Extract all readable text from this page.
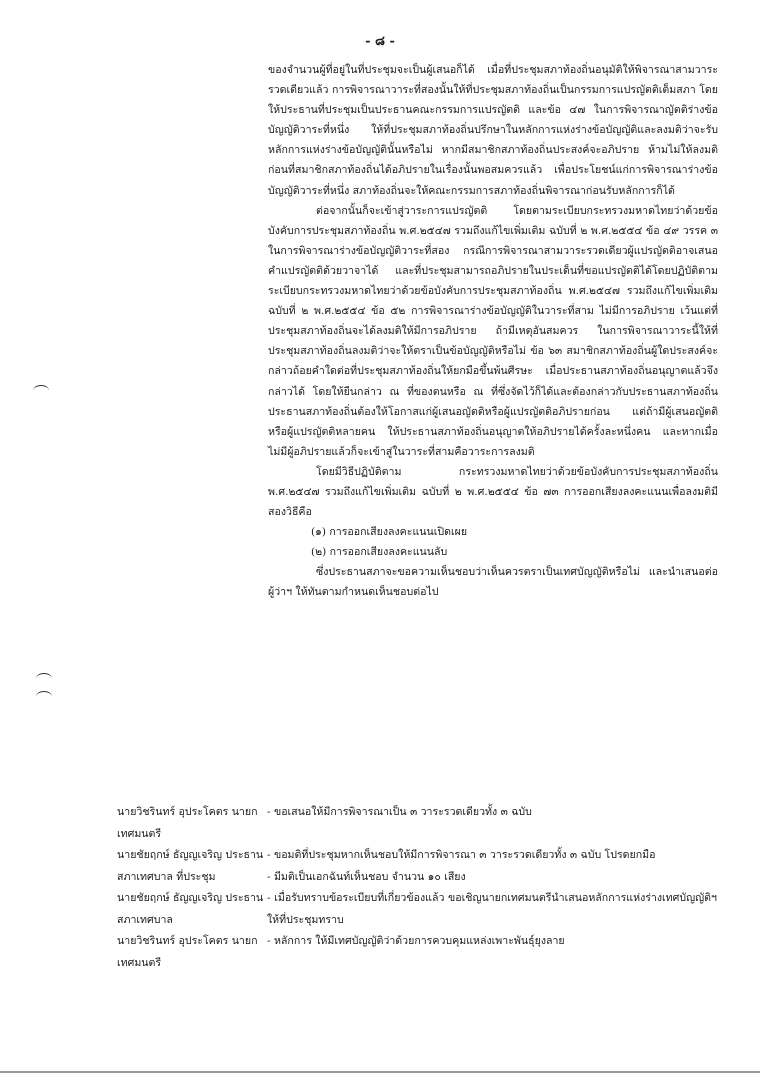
- ๘ -

ของจำนวนผู้ที่อยู่ในที่ประชุมจะเป็นผู้เสนอก็ได้ เมื่อที่ประชุมสภาท้องถิ่นอนุมัติให้พิจารณาสามวาระรวดเดียวแล้ว การพิจารณาวาระที่สองนั้นให้ที่ประชุมสภาท้องถิ่นเป็นกรรมการแปรญัตติเต็มสภา โดยให้ประธานที่ประชุมเป็นประธานคณะกรรมการแปรญัตติ และข้อ ๔๗ ในการพิจารณาญัตติร่างข้อบัญญัติวาระที่หนึ่ง ให้ที่ประชุมสภาท้องถิ่นปรึกษาในหลักการแห่งร่างข้อบัญญัติและลงมติว่าจะรับหลักการแห่งร่างข้อบัญญัตินั้นหรือไม่ หากมีสมาชิกสภาท้องถิ่นประสงค์จะอภิปราย ห้ามไม่ให้ลงมติก่อนที่สมาชิกสภาท้องถิ่นได้อภิปรายในเรื่องนั้นพอสมควรแล้ว เพื่อประโยชน์แก่การพิจารณาร่างข้อบัญญัติวาระที่หนึ่ง สภาท้องถิ่นจะให้คณะกรรมการสภาท้องถิ่นพิจารณาก่อนรับหลักการก็ได้

ต่อจากนั้นก็จะเข้าสู่วาระการแปรญัตติ โดยตามระเบียบกระทรวงมหาดไทยว่าด้วยข้อบังคับการประชุมสภาท้องถิ่น พ.ศ.๒๕๔๗ รวมถึงแก้ไขเพิ่มเติม ฉบับที่ ๒ พ.ศ.๒๕๕๔ ข้อ ๔๙ วรรค ๓ ในการพิจารณาร่างข้อบัญญัติวาระที่สอง กรณีการพิจารณาสามวาระรวดเดียวผู้แปรญัตติอาจเสนอคำแปรญัตติด้วยวาจาได้ และที่ประชุมสามารถอภิปรายในประเด็นที่ขอแปรญัตติได้โดยปฏิบัติตามระเบียบกระทรวงมหาดไทยว่าด้วยข้อบังคับการประชุมสภาท้องถิ่น พ.ศ.๒๕๔๗ รวมถึงแก้ไขเพิ่มเติม ฉบับที่ ๒ พ.ศ.๒๕๕๔ ข้อ ๕๒ การพิจารณาร่างข้อบัญญัติในวาระที่สาม ไม่มีการอภิปราย เว้นแต่ที่ประชุมสภาท้องถิ่นจะได้ลงมติให้มีการอภิปราย ถ้ามีเหตุอันสมควร ในการพิจารณาวาระนี้ให้ที่ประชุมสภาท้องถิ่นลงมติว่าจะให้ตราเป็นข้อบัญญัติหรือไม่ ข้อ ๖๓ สมาชิกสภาท้องถิ่นผู้ใดประสงค์จะกล่าวถ้อยคำใดต่อที่ประชุมสภาท้องถิ่นให้ยกมือขึ้นพ้นศีรษะ เมื่อประธานสภาท้องถิ่นอนุญาตแล้วจึงกล่าวได้ โดยให้ยืนกล่าว ณ ที่ของตนหรือ ณ ที่ซึ่งจัดไว้ก็ได้และต้องกล่าวกับประธานสภาท้องถิ่น ประธานสภาท้องถิ่นต้องให้โอกาสแก่ผู้เสนอญัตติหรือผู้แปรญัตติอภิปรายก่อน แต่ถ้ามีผู้เสนอญัตติหรือผู้แปรญัตติหลายคน ให้ประธานสภาท้องถิ่นอนุญาตให้อภิปรายได้ครั้งละหนึ่งคน และหากเมื่อไม่มีผู้อภิปรายแล้วก็จะเข้าสู่ในวาระที่สามคือวาระการลงมติ

โดยมีวิธีปฏิบัติตาม กระทรวงมหาดไทยว่าด้วยข้อบังคับการประชุมสภาท้องถิ่น พ.ศ.๒๕๔๗ รวมถึงแก้ไขเพิ่มเติม ฉบับที่ ๒ พ.ศ.๒๕๕๔ ข้อ ๗๓ การออกเสียงลงคะแนนเพื่อลงมติมีสองวิธีคือ

(๑) การออกเสียงลงคะแนนเปิดเผย

(๒) การออกเสียงลงคะแนนลับ

ซึ่งประธานสภาจะขอความเห็นชอบว่าเห็นควรตราเป็นเทศบัญญัติหรือไม่ และนำเสนอต่อผู้ว่าฯ ให้ทันตามกำหนดเห็นชอบต่อไป

นายวิชรินทร์ อุประโคตร นายกเทศมนตรี
- ขอเสนอให้มีการพิจารณาเป็น ๓ วาระรวดเดียวทั้ง ๓ ฉบับ
นายชัยฤกษ์ ธัญญเจริญ ประธานสภาเทศบาล ที่ประชุม
- ขอมติที่ประชุมหากเห็นชอบให้มีการพิจารณา ๓ วาระรวดเดียวทั้ง ๓ ฉบับ โปรดยกมือ
- มีมติเป็นเอกฉันท์เห็นชอบ จำนวน ๑๐ เสียง
นายชัยฤกษ์ ธัญญเจริญ ประธานสภาเทศบาล
- เมื่อรับทราบข้อระเบียบที่เกี่ยวข้องแล้ว ขอเชิญนายกเทศมนตรีนำเสนอหลักการแห่งร่างเทศบัญญัติฯ ให้ที่ประชุมทราบ
นายวิชรินทร์ อุประโคตร นายกเทศมนตรี
- หลักการ ให้มีเทศบัญญัติว่าด้วยการควบคุมแหล่งเพาะพันธุ์ยุงลาย
